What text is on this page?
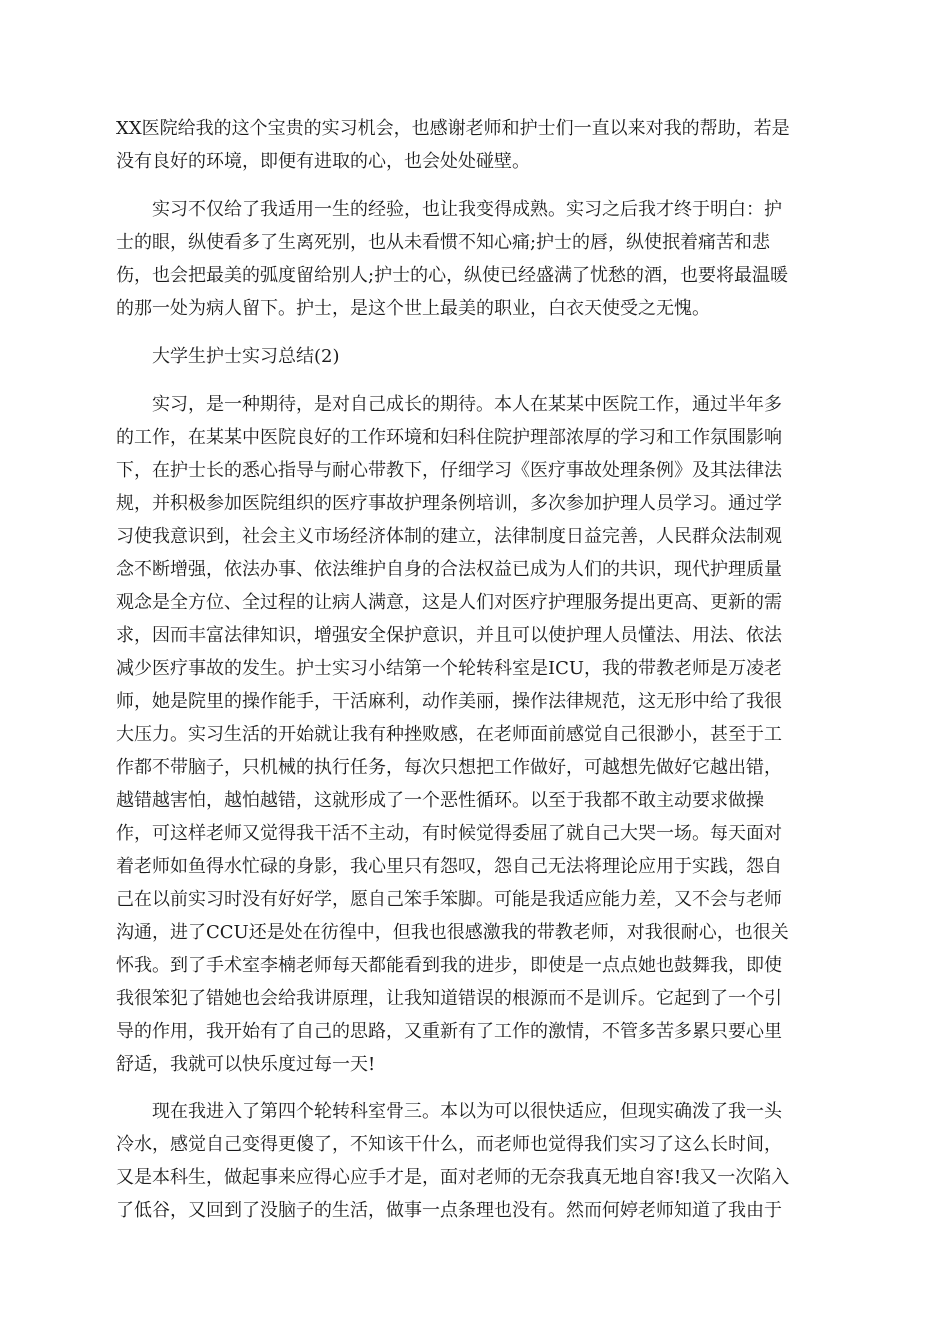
XX医院给我的这个宝贵的实习机会，也感谢老师和护士们一直以来对我的帮助，若是

没有良好的环境，即便有进取的心，也会处处碰壁。

实习不仅给了我适用一生的经验，也让我变得成熟。实习之后我才终于明白：护

士的眼，纵使看多了生离死别，也从未看惯不知心痛;护士的唇，纵使抿着痛苦和悲

伤，也会把最美的弧度留给别人;护士的心，纵使已经盛满了忧愁的酒，也要将最温暖

的那一处为病人留下。护士，是这个世上最美的职业，白衣天使受之无愧。

大学生护士实习总结(2)

实习，是一种期待，是对自己成长的期待。本人在某某中医院工作，通过半年多

的工作，在某某中医院良好的工作环境和妇科住院护理部浓厚的学习和工作氛围影响

下，在护士长的悉心指导与耐心带教下，仔细学习《医疗事故处理条例》及其法律法

规，并积极参加医院组织的医疗事故护理条例培训，多次参加护理人员学习。通过学

习使我意识到，社会主义市场经济体制的建立，法律制度日益完善，人民群众法制观

念不断增强，依法办事、依法维护自身的合法权益已成为人们的共识，现代护理质量

观念是全方位、全过程的让病人满意，这是人们对医疗护理服务提出更高、更新的需

求，因而丰富法律知识，增强安全保护意识，并且可以使护理人员懂法、用法、依法

减少医疗事故的发生。护士实习小结第一个轮转科室是ICU，我的带教老师是万凌老

师，她是院里的操作能手，干活麻利，动作美丽，操作法律规范，这无形中给了我很

大压力。实习生活的开始就让我有种挫败感，在老师面前感觉自己很渺小，甚至于工

作都不带脑子，只机械的执行任务，每次只想把工作做好，可越想先做好它越出错，

越错越害怕，越怕越错，这就形成了一个恶性循环。以至于我都不敢主动要求做操

作，可这样老师又觉得我干活不主动，有时候觉得委屈了就自己大哭一场。每天面对

着老师如鱼得水忙碌的身影，我心里只有怨叹，怨自己无法将理论应用于实践，怨自

己在以前实习时没有好好学，愿自己笨手笨脚。可能是我适应能力差，又不会与老师

沟通，进了CCU还是处在彷徨中，但我也很感激我的带教老师，对我很耐心，也很关

怀我。到了手术室李楠老师每天都能看到我的进步，即使是一点点她也鼓舞我，即使

我很笨犯了错她也会给我讲原理，让我知道错误的根源而不是训斥。它起到了一个引

导的作用，我开始有了自己的思路，又重新有了工作的激情，不管多苦多累只要心里

舒适，我就可以快乐度过每一天!

现在我进入了第四个轮转科室骨三。本以为可以很快适应，但现实确泼了我一头

冷水，感觉自己变得更傻了，不知该干什么，而老师也觉得我们实习了这么长时间，

又是本科生，做起事来应得心应手才是，面对老师的无奈我真无地自容!我又一次陷入

了低谷，又回到了没脑子的生活，做事一点条理也没有。然而何婷老师知道了我由于
